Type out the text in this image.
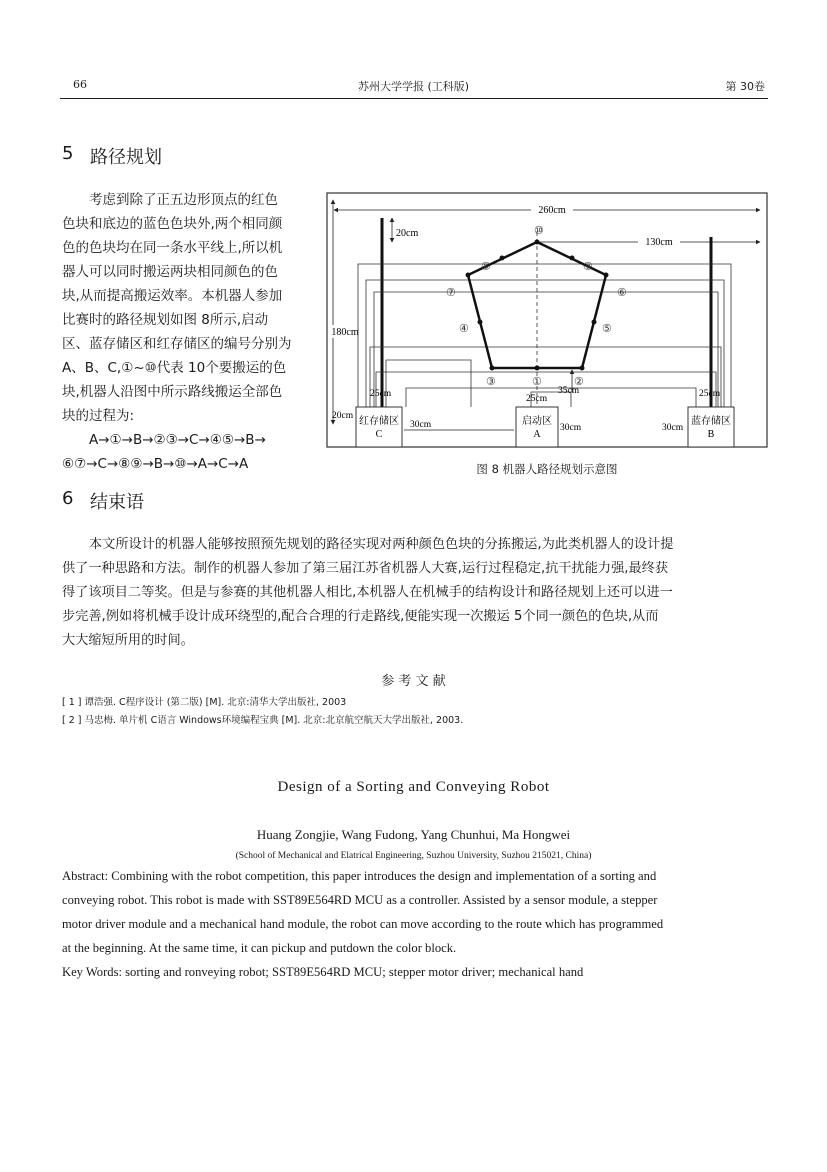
66	苏州大学学报 (工科版)	第 30卷
5 路径规划
考虑到除了正五边形顶点的红色
色块和底边的蓝色色块外,两个相同颜
色的色块均在同一条水平线上,所以机
器人可以同时搬运两块相同颜色的色
块,从而提高搬运效率。本机器人参加
比赛时的路径规划如图 8所示,启动
区、蓝存储区和红存储区的编号分别为
A、B、C,①~⑩代表 10个要搬运的色
块,机器人沿图中所示路线搬运全部色
块的过程为:
A→①→B→②③→C→④⑤→B→
⑥⑦→C→⑧⑨→B→⑩→A→C→A
260cm
130cm
180cm
20cm	⑩
⑧	⑨
⑦	⑥
④	⑤
③	①	②
35cm
25cm
25cm	25cm
红存储区
C
启动区
A
蓝存储区
B
20cm
30cm	30cm	30cm
图 8 机器人路径规划示意图
6 结束语
本文所设计的机器人能够按照预先规划的路径实现对两种颜色色块的分拣搬运,为此类机器人的设计提
供了一种思路和方法。制作的机器人参加了第三届江苏省机器人大赛,运行过程稳定,抗干扰能力强,最终获
得了该项目二等奖。但是与参赛的其他机器人相比,本机器人在机械手的结构设计和路径规划上还可以进一
步完善,例如将机械手设计成环绕型的,配合合理的行走路线,便能实现一次搬运 5个同一颜色的色块,从而
大大缩短所用的时间。
参 考 文 献
[ 1 ] 谭浩强. C程序设计 (第二版) [M]. 北京:清华大学出版社, 2003
[ 2 ] 马忠梅. 单片机 C语言 Windows环境编程宝典 [M]. 北京:北京航空航天大学出版社, 2003.
Design of a Sorting and Conveying Robot
Huang Zongjie, Wang Fudong, Yang Chunhui, Ma Hongwei
(School of Mechanical and Elatrical Engineering, Suzhou University, Suzhou 215021, China)
Abstract: Combining with the robot competition, this paper introduces the design and implementation of a sorting and
conveying robot. This robot is made with SST89E564RD MCU as a controller. Assisted by a sensor module, a stepper
motor driver module and a mechanical hand module, the robot can move according to the route which has programmed
at the beginning. At the same time, it can pickup and putdown the color block.
Key Words: sorting and ronveying robot; SST89E564RD MCU; stepper motor driver; mechanical hand
